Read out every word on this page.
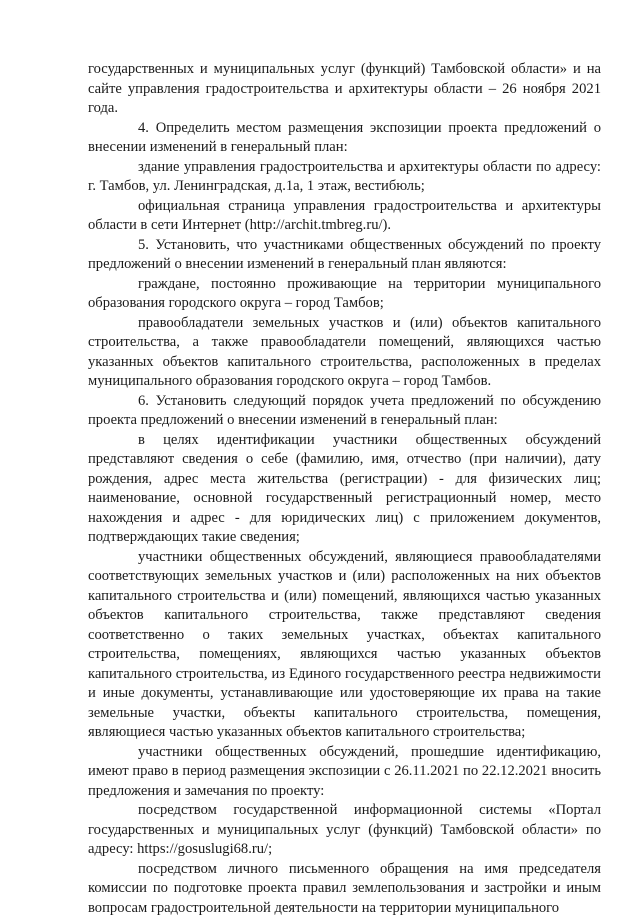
государственных и муниципальных услуг (функций) Тамбовской области» и на сайте управления градостроительства и архитектуры области – 26 ноября 2021 года.

4. Определить местом размещения экспозиции проекта предложений о внесении изменений в генеральный план:

здание управления градостроительства и архитектуры области по адресу: г. Тамбов, ул. Ленинградская, д.1а, 1 этаж, вестибюль;

официальная страница управления градостроительства и архитектуры области в сети Интернет (http://archit.tmbreg.ru/).

5. Установить, что участниками общественных обсуждений по проекту предложений о внесении изменений в генеральный план являются:

граждане, постоянно проживающие на территории муниципального образования городского округа – город Тамбов;

правообладатели земельных участков и (или) объектов капитального строительства, а также правообладатели помещений, являющихся частью указанных объектов капитального строительства, расположенных в пределах муниципального образования городского округа – город Тамбов.

6. Установить следующий порядок учета предложений по обсуждению проекта предложений о внесении изменений в генеральный план:

в целях идентификации участники общественных обсуждений представляют сведения о себе (фамилию, имя, отчество (при наличии), дату рождения, адрес места жительства (регистрации) - для физических лиц; наименование, основной государственный регистрационный номер, место нахождения и адрес - для юридических лиц) с приложением документов, подтверждающих такие сведения;

участники общественных обсуждений, являющиеся правообладателями соответствующих земельных участков и (или) расположенных на них объектов капитального строительства и (или) помещений, являющихся частью указанных объектов капитального строительства, также представляют сведения соответственно о таких земельных участках, объектах капитального строительства, помещениях, являющихся частью указанных объектов капитального строительства, из Единого государственного реестра недвижимости и иные документы, устанавливающие или удостоверяющие их права на такие земельные участки, объекты капитального строительства, помещения, являющиеся частью указанных объектов капитального строительства;

участники общественных обсуждений, прошедшие идентификацию, имеют право в период размещения экспозиции с 26.11.2021 по 22.12.2021 вносить предложения и замечания по проекту:

посредством государственной информационной системы «Портал государственных и муниципальных услуг (функций) Тамбовской области» по адресу: https://gosuslugi68.ru/;

посредством личного письменного обращения на имя председателя комиссии по подготовке проекта правил землепользования и застройки и иным вопросам градостроительной деятельности на территории муниципального
